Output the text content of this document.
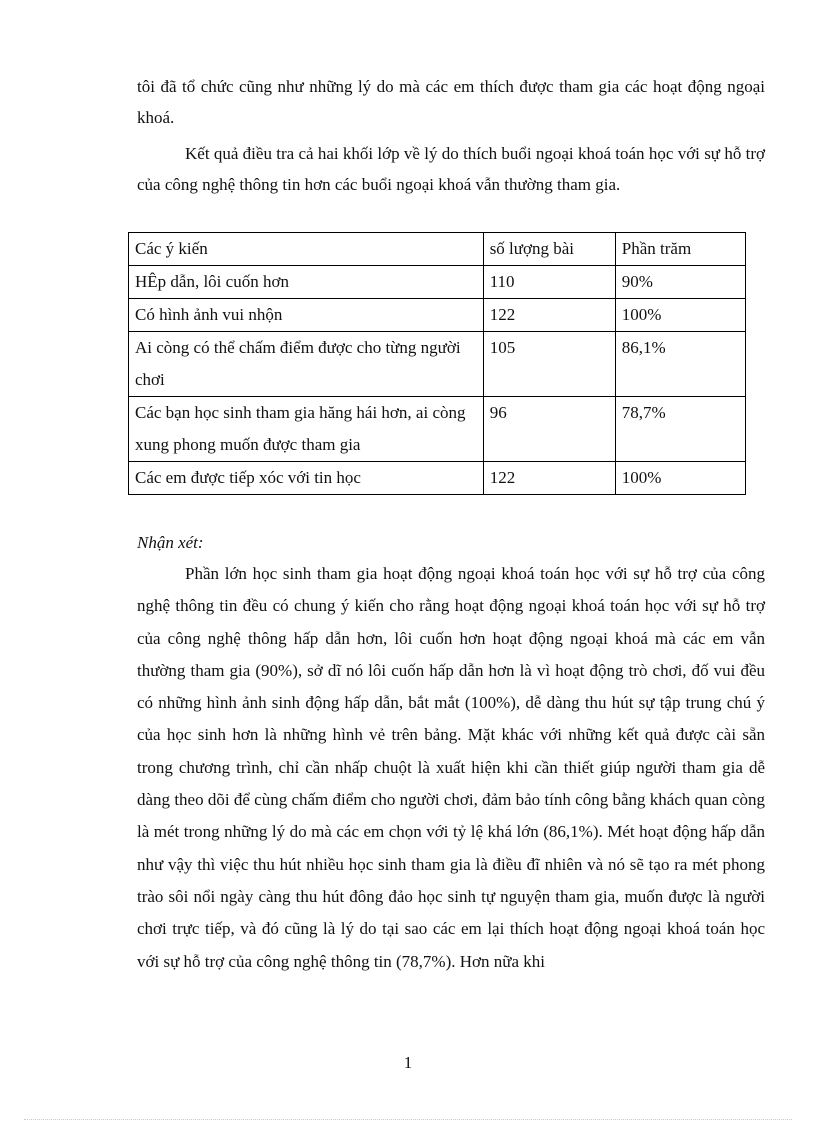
tôi đã tổ chức cũng như những lý do mà các em thích được tham gia các hoạt động ngoại khoá.

Kết quả điều tra cả hai khối lớp về lý do thích buổi ngoại khoá toán học với sự hỗ trợ của công nghệ thông tin hơn các buổi ngoại khoá vẫn thường tham gia.

Các ý kiến	số lượng bài	Phần trăm
HÊp dẫn, lôi cuốn hơn	110	90%
Có hình ảnh vui nhộn	122	100%
Ai còng có thể chấm điểm được cho từng người chơi	105	86,1%
Các bạn học sinh tham gia hăng hái hơn, ai còng xung phong muốn được tham gia	96	78,7%
Các em được tiếp xóc với tin học	122	100%

Nhận xét:

Phần lớn học sinh tham gia hoạt động ngoại khoá toán học với sự hỗ trợ của công nghệ thông tin đều có chung ý kiến cho rằng hoạt động ngoại khoá toán học với sự hỗ trợ của công nghệ thông hấp dẫn hơn, lôi cuốn hơn hoạt động ngoại khoá mà các em vẫn thường tham gia (90%), sở dĩ nó lôi cuốn hấp dẫn hơn là vì hoạt động trò chơi, đố vui đều có những hình ảnh sinh động hấp dẫn, bắt mắt (100%), dễ dàng thu hút sự tập trung chú ý của học sinh hơn là những hình vẻ trên bảng. Mặt khác với những kết quả được cài sẵn trong chương trình, chỉ cần nhấp chuột là xuất hiện khi cần thiết giúp người tham gia dễ dàng theo dõi để cùng chấm điểm cho người chơi, đảm bảo tính công bằng khách quan còng là mét trong những lý do mà các em chọn với tỷ lệ khá lớn (86,1%). Mét hoạt động hấp dẫn như vậy thì việc thu hút nhiều học sinh tham gia là điều đĩ nhiên và nó sẽ tạo ra mét phong trào sôi nổi ngày càng thu hút đông đảo học sinh tự nguyện tham gia, muốn được là người chơi trực tiếp, và đó cũng là lý do tại sao các em lại thích hoạt động ngoại khoá toán học với sự hỗ trợ của công nghệ thông tin (78,7%). Hơn nữa khi

1
